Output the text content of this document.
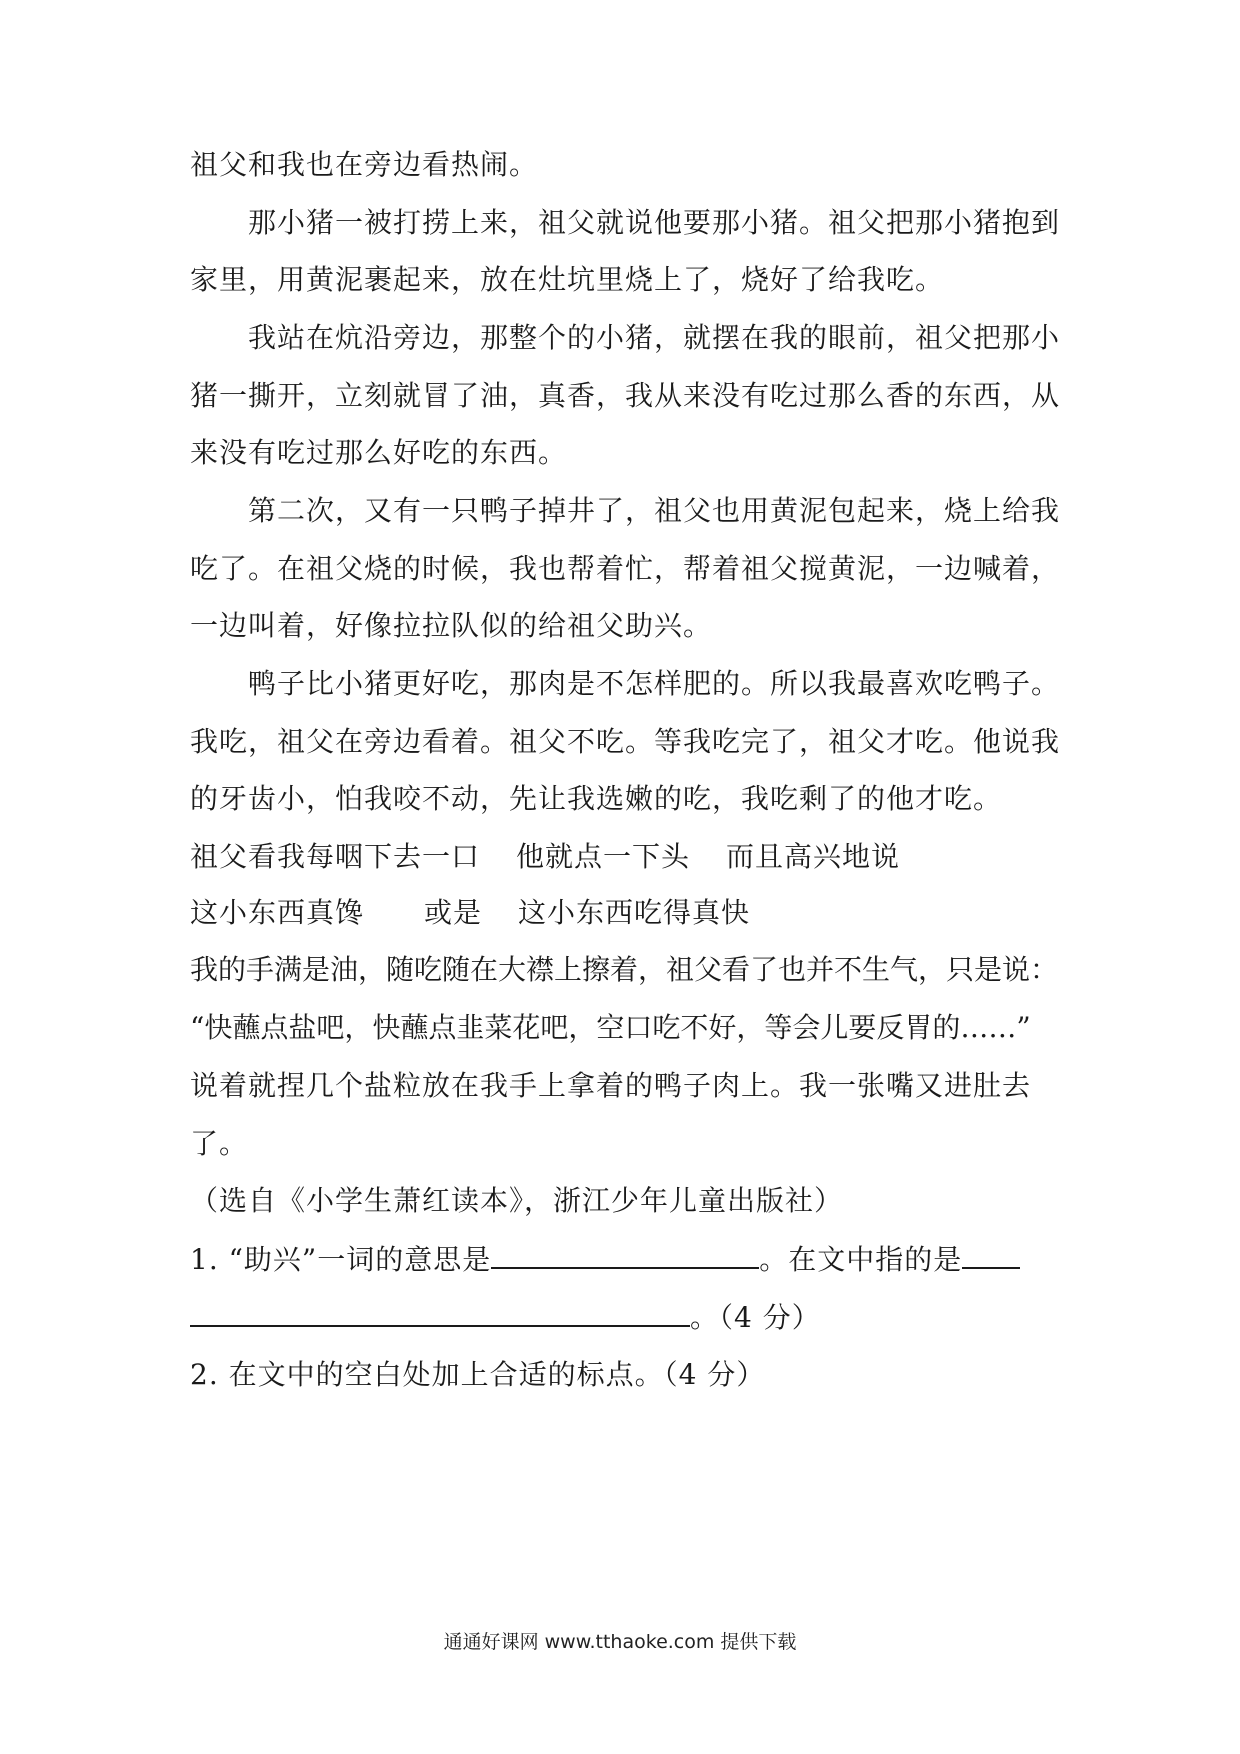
祖父和我也在旁边看热闹。
那小猪一被打捞上来，祖父就说他要那小猪。祖父把那小猪抱到
家里，用黄泥裹起来，放在灶坑里烧上了，烧好了给我吃。
我站在炕沿旁边，那整个的小猪，就摆在我的眼前，祖父把那小
猪一撕开，立刻就冒了油，真香，我从来没有吃过那么香的东西，从
来没有吃过那么好吃的东西。
第二次，又有一只鸭子掉井了，祖父也用黄泥包起来，烧上给我
吃了。在祖父烧的时候，我也帮着忙，帮着祖父搅黄泥，一边喊着，
一边叫着，好像拉拉队似的给祖父助兴。
鸭子比小猪更好吃，那肉是不怎样肥的。所以我最喜欢吃鸭子。
我吃，祖父在旁边看着。祖父不吃。等我吃完了，祖父才吃。他说我
的牙齿小，怕我咬不动，先让我选嫩的吃，我吃剩了的他才吃。
祖父看我每咽下去一口 他就点一下头 而且高兴地说
这小东西真馋 或是 这小东西吃得真快
我的手满是油，随吃随在大襟上擦着，祖父看了也并不生气，只是说：
“快蘸点盐吧，快蘸点韭菜花吧，空口吃不好，等会儿要反胃的……”
说着就捏几个盐粒放在我手上拿着的鸭子肉上。我一张嘴又进肚去
了。
（选自《小学生萧红读本》，浙江少年儿童出版社）
1. “助兴”一词的意思是	。在文中指的是
。（4 分）
2. 在文中的空白处加上合适的标点。（4 分）
通通好课网 www.tthaoke.com 提供下载
